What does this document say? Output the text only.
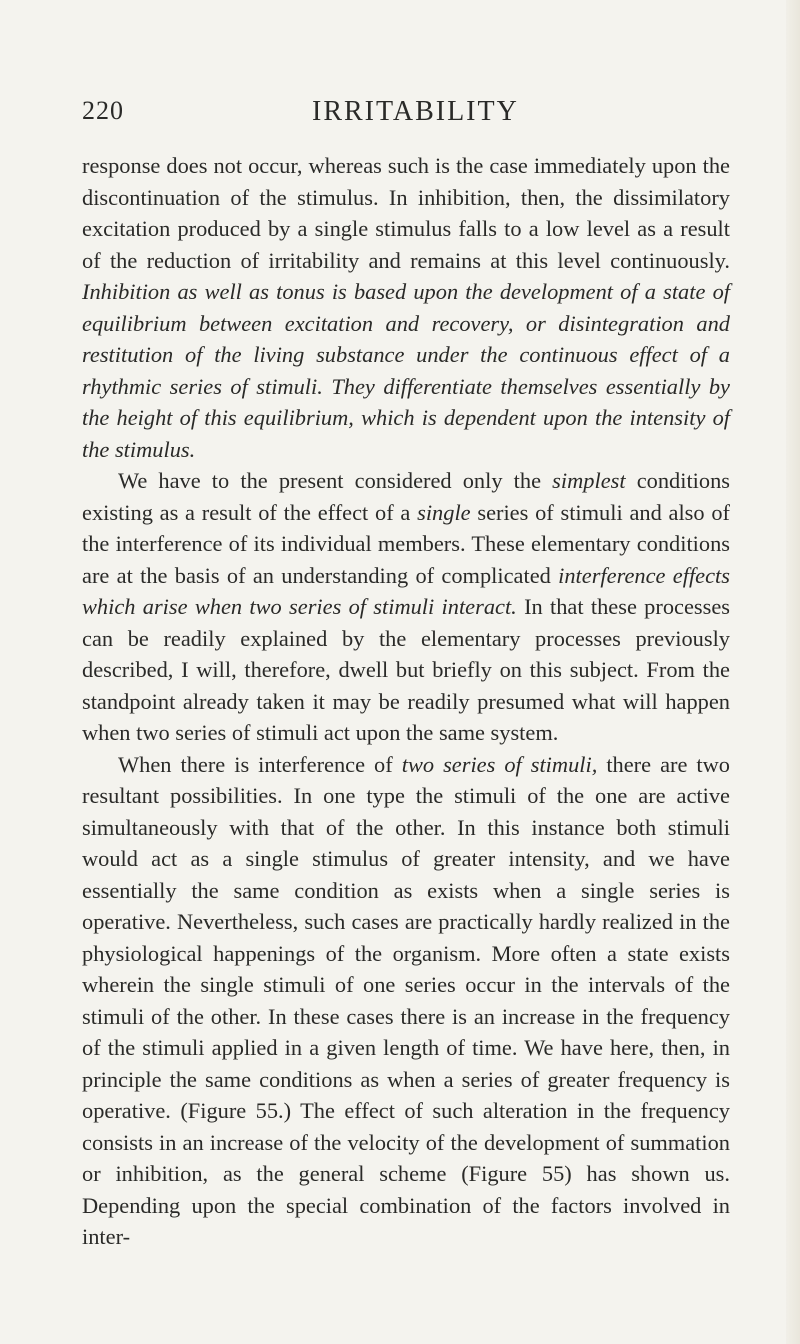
220	IRRITABILITY

response does not occur, whereas such is the case immediately upon the discontinuation of the stimulus. In inhibition, then, the dissimilatory excitation produced by a single stimulus falls to a low level as a result of the reduction of irritability and remains at this level continuously. Inhibition as well as tonus is based upon the development of a state of equilibrium between excitation and recovery, or disintegration and restitution of the living substance under the continuous effect of a rhythmic series of stimuli. They differentiate themselves essentially by the height of this equilibrium, which is dependent upon the intensity of the stimulus.

We have to the present considered only the simplest conditions existing as a result of the effect of a single series of stimuli and also of the interference of its individual members. These elementary conditions are at the basis of an understanding of complicated interference effects which arise when two series of stimuli interact. In that these processes can be readily explained by the elementary processes previously described, I will, therefore, dwell but briefly on this subject. From the standpoint already taken it may be readily presumed what will happen when two series of stimuli act upon the same system.

When there is interference of two series of stimuli, there are two resultant possibilities. In one type the stimuli of the one are active simultaneously with that of the other. In this instance both stimuli would act as a single stimulus of greater intensity, and we have essentially the same condition as exists when a single series is operative. Nevertheless, such cases are practically hardly realized in the physiological happenings of the organism. More often a state exists wherein the single stimuli of one series occur in the intervals of the stimuli of the other. In these cases there is an increase in the frequency of the stimuli applied in a given length of time. We have here, then, in principle the same conditions as when a series of greater frequency is operative. (Figure 55.) The effect of such alteration in the frequency consists in an increase of the velocity of the development of summation or inhibition, as the general scheme (Figure 55) has shown us. Depending upon the special combination of the factors involved in inter-
